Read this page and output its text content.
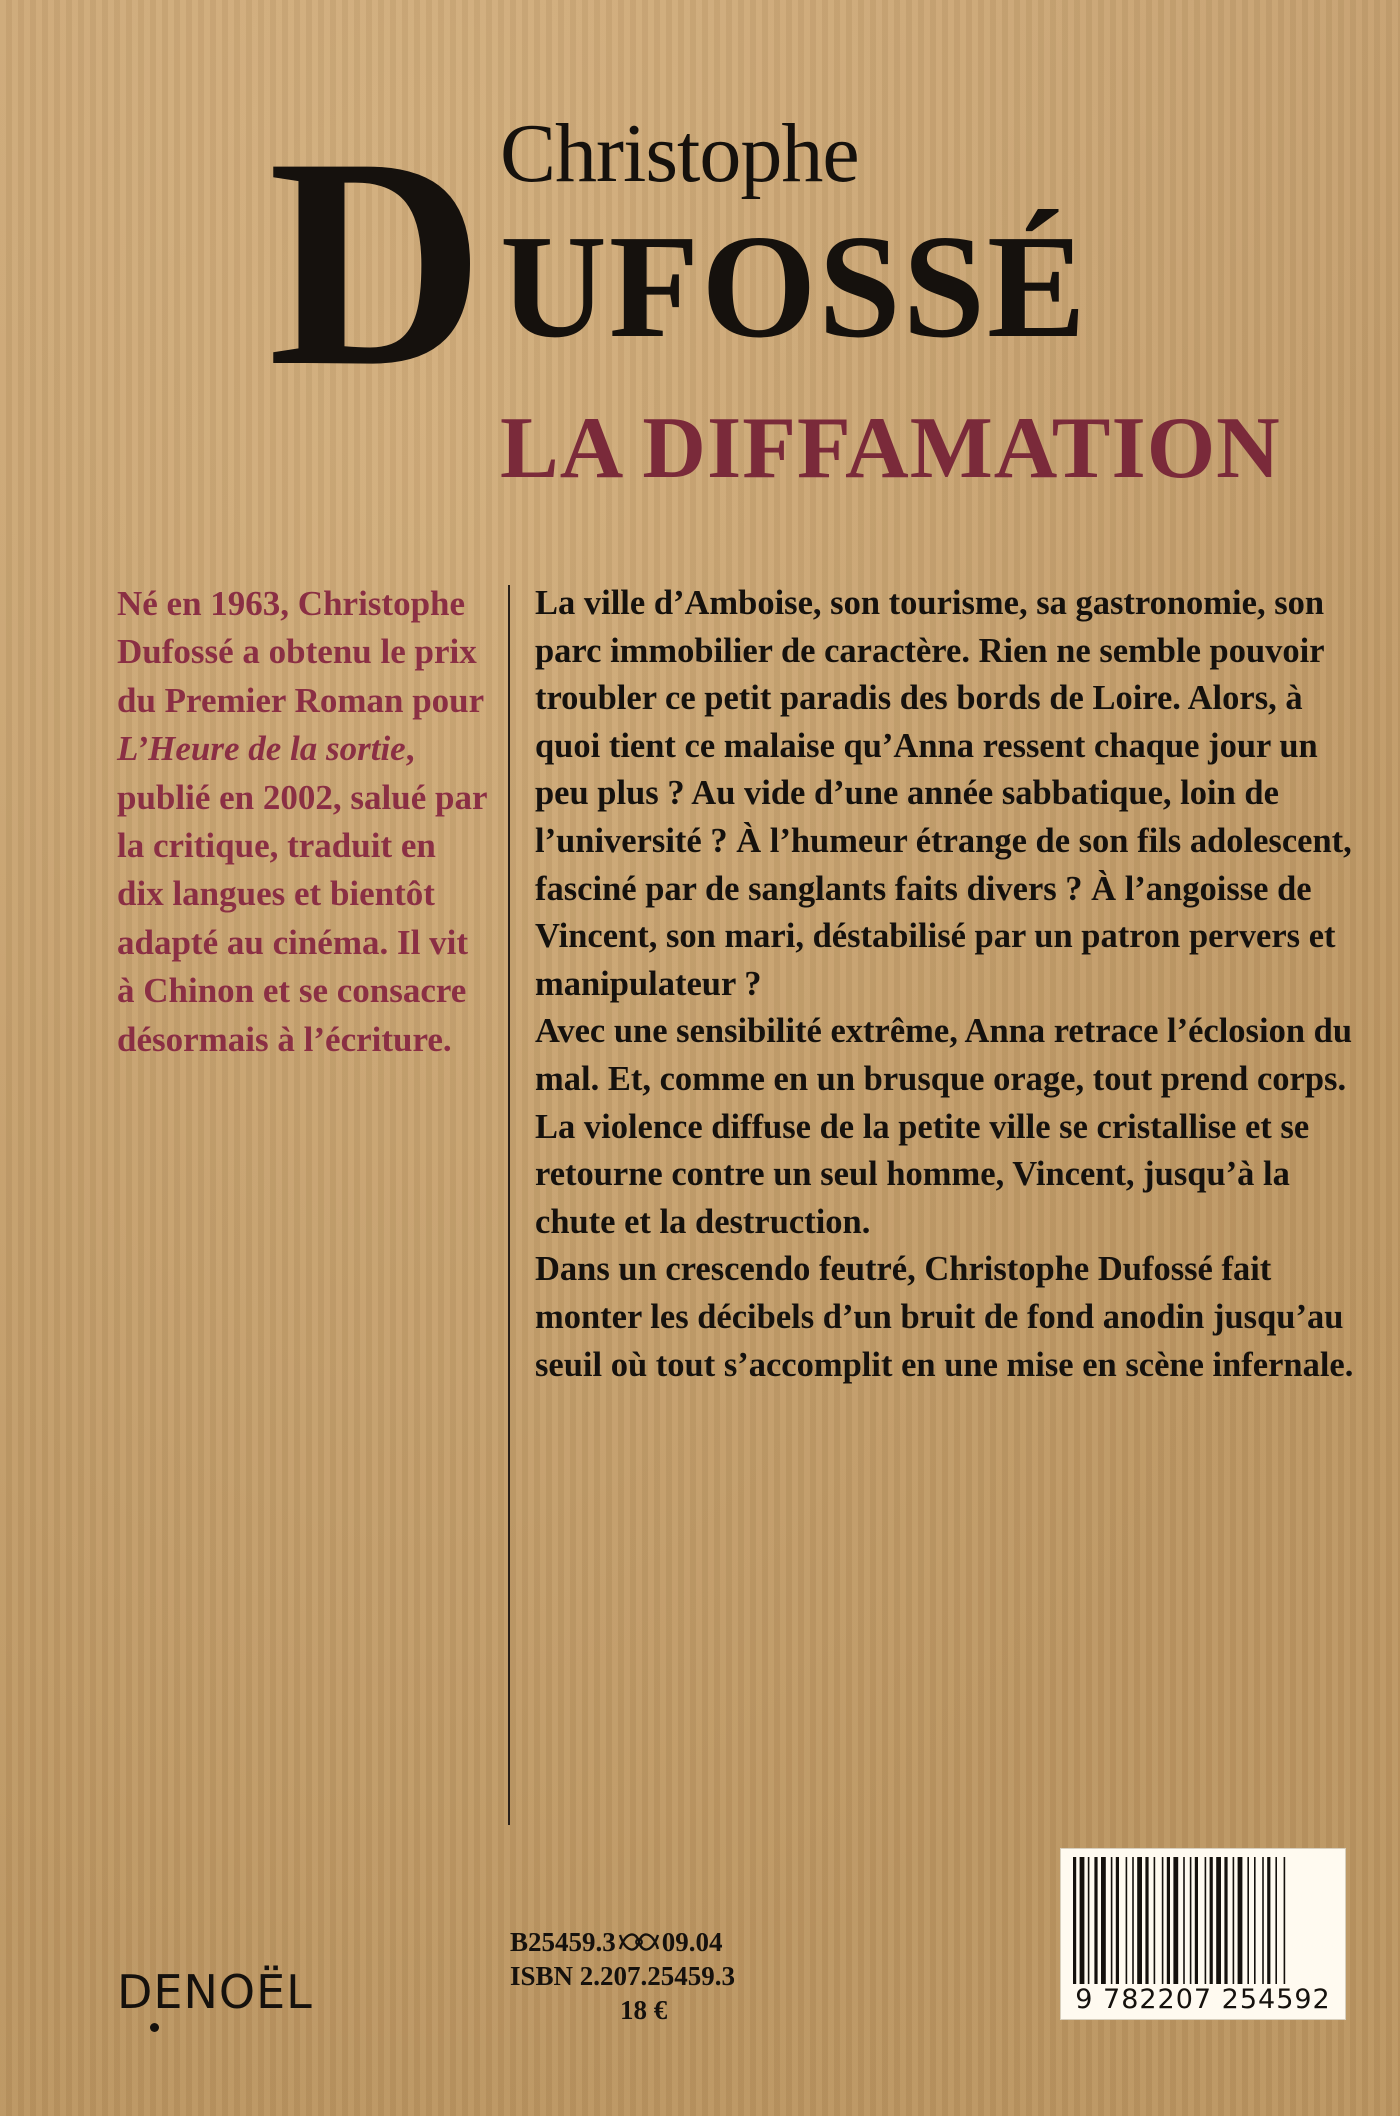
D Christophe
UFOSSÉ
LA DIFFAMATION
Né en 1963, Christophe Dufossé a obtenu le prix du Premier Roman pour L’Heure de la sortie, publié en 2002, salué par la critique, traduit en dix langues et bientôt adapté au cinéma. Il vit à Chinon et se consacre désormais à l’écriture.

La ville d’Amboise, son tourisme, sa gastronomie, son parc immobilier de caractère. Rien ne semble pouvoir troubler ce petit paradis des bords de Loire. Alors, à quoi tient ce malaise qu’Anna ressent chaque jour un peu plus ? Au vide d’une année sabbatique, loin de l’université ? À l’humeur étrange de son fils adolescent, fasciné par de sanglants faits divers ? À l’angoisse de Vincent, son mari, déstabilisé par un patron pervers et manipulateur ?

Avec une sensibilité extrême, Anna retrace l’éclosion du mal. Et, comme en un brusque orage, tout prend corps. La violence diffuse de la petite ville se cristallise et se retourne contre un seul homme, Vincent, jusqu’à la chute et la destruction.

Dans un crescendo feutré, Christophe Dufossé fait monter les décibels d’un bruit de fond anodin jusqu’au seuil où tout s’accomplit en une mise en scène infernale.

DENOËL
B25459.3 09.04
ISBN 2.207.25459.3
18 €	9 782207 254592
